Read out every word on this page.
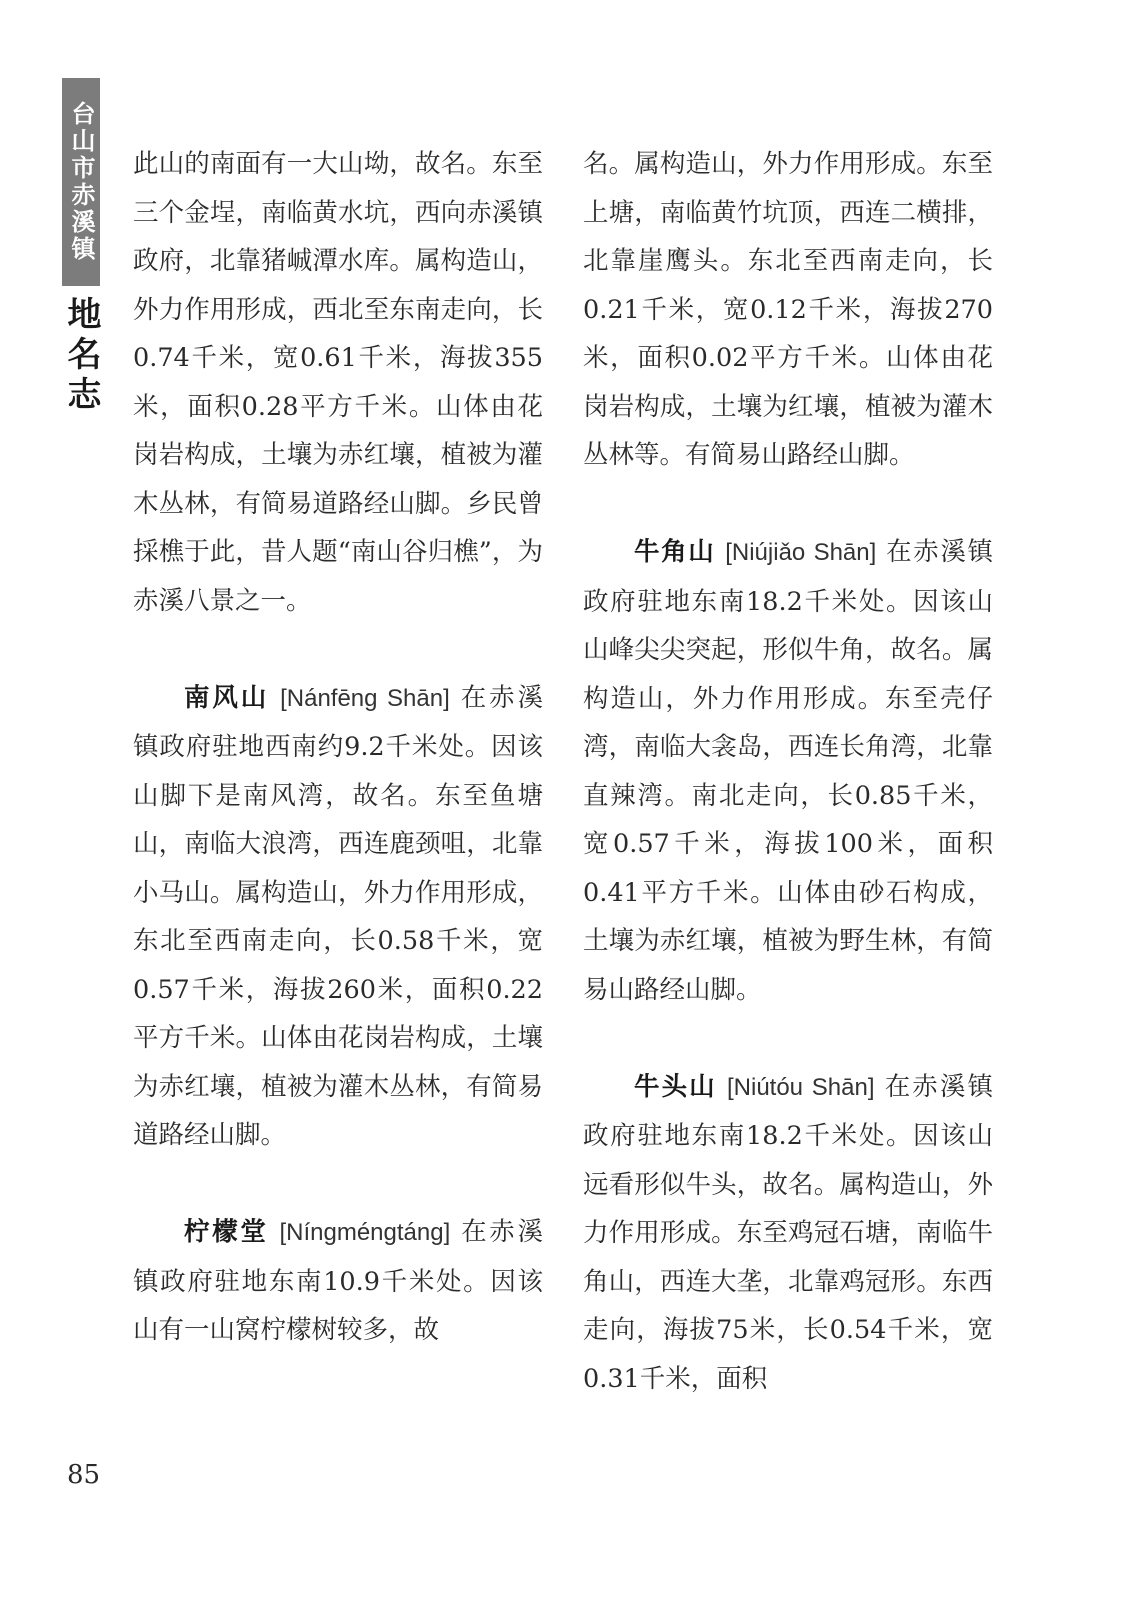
台山市赤溪镇
地名志

此山的南面有一大山坳，故名。东至三个金埕，南临黄水坑，西向赤溪镇政府，北靠猪峸潭水库。属构造山，外力作用形成，西北至东南走向，长0.74千米，宽0.61千米，海拔355米，面积0.28平方千米。山体由花岗岩构成，土壤为赤红壤，植被为灌木丛林，有简易道路经山脚。乡民曾採樵于此，昔人题“南山谷归樵”，为赤溪八景之一。

南风山 [Nánfēng Shān] 在赤溪镇政府驻地西南约9.2千米处。因该山脚下是南风湾，故名。东至鱼塘山，南临大浪湾，西连鹿颈咀，北靠小马山。属构造山，外力作用形成，东北至西南走向，长0.58千米，宽0.57千米，海拔260米，面积0.22平方千米。山体由花岗岩构成，土壤为赤红壤，植被为灌木丛林，有简易道路经山脚。

柠檬堂 [Níngméngtáng] 在赤溪镇政府驻地东南10.9千米处。因该山有一山窝柠檬树较多，故

名。属构造山，外力作用形成。东至上塘，南临黄竹坑顶，西连二横排，北靠崖鹰头。东北至西南走向，长0.21千米，宽0.12千米，海拔270米，面积0.02平方千米。山体由花岗岩构成，土壤为红壤，植被为灌木丛林等。有简易山路经山脚。

牛角山 [Niújiǎo Shān] 在赤溪镇政府驻地东南18.2千米处。因该山山峰尖尖突起，形似牛角，故名。属构造山，外力作用形成。东至壳仔湾，南临大衾岛，西连长角湾，北靠直辣湾。南北走向，长0.85千米，宽0.57千米，海拔100米，面积0.41平方千米。山体由砂石构成，土壤为赤红壤，植被为野生林，有简易山路经山脚。

牛头山 [Niútóu Shān] 在赤溪镇政府驻地东南18.2千米处。因该山远看形似牛头，故名。属构造山，外力作用形成。东至鸡冠石塘，南临牛角山，西连大垄，北靠鸡冠形。东西走向，海拔75米，长0.54千米，宽0.31千米，面积

85
